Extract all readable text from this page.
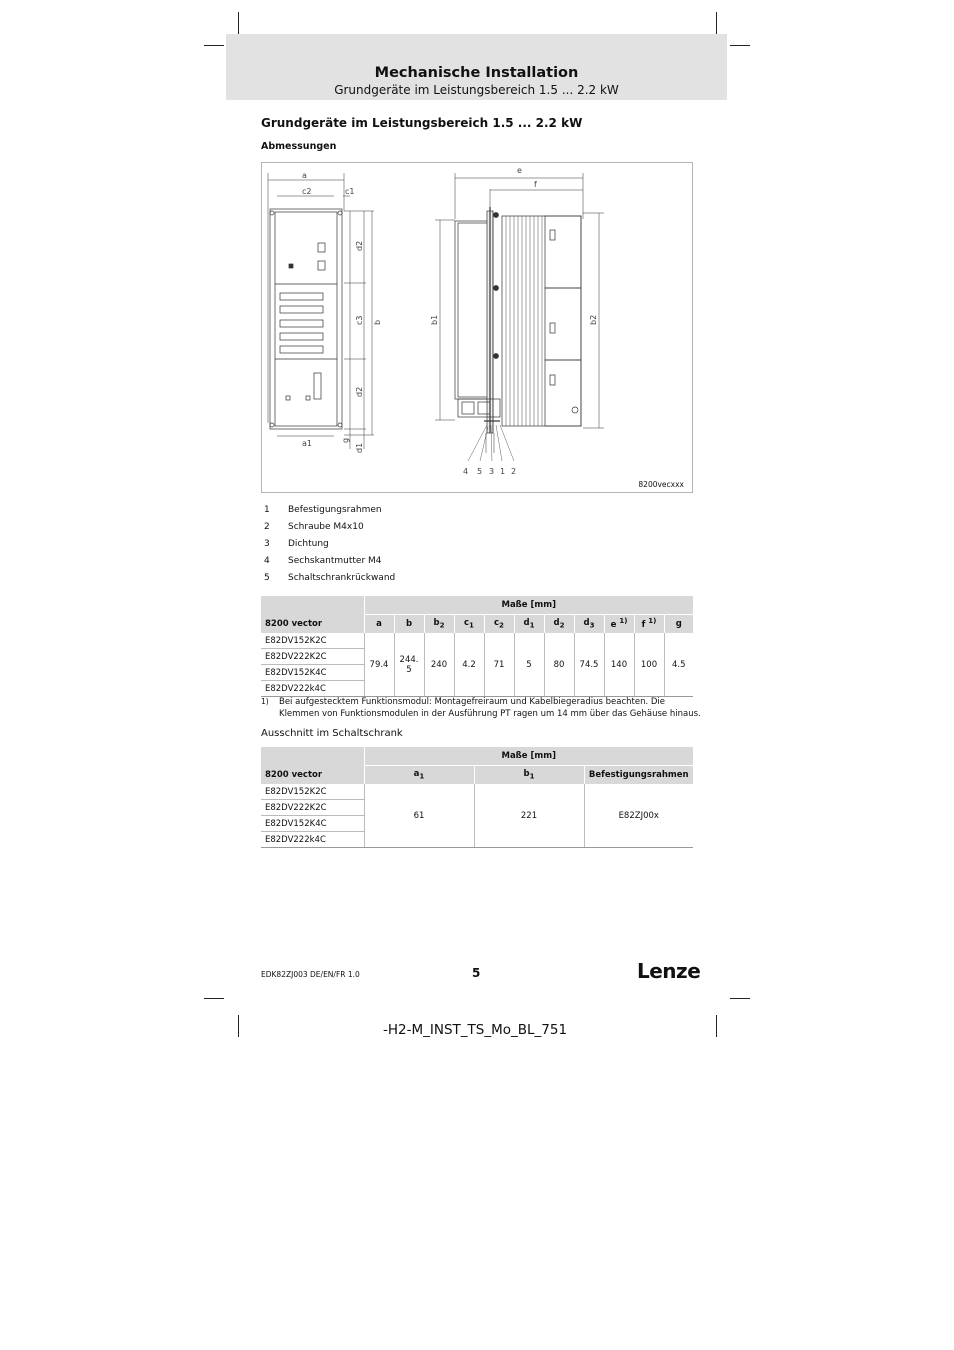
Mechanische Installation
Grundgeräte im Leistungsbereich 1.5 ... 2.2 kW
Grundgeräte im Leistungsbereich 1.5 ... 2.2 kW
Abmessungen
a
c2	c1
d2
c3 b
d2
a1	g
d1
e
f
b1	b2
4 5 3 1 2
8200vecxxx
1 Befestigungsrahmen
2 Schraube M4x10
3 Dichtung
4 Sechskantmutter M4
5 Schaltschrankrückwand
	Maße [mm]										
8200 vector	a	b	$b_2$	$c_1$	$c_2$	$d_1$	$d_2$	$d_3$	e $^{1)}$	f $^{1)}$	g
E82DV152K2C	79.4	244.
5	240	4.2	71	5	80	74.5	140	100	4.5
E82DV222K2C											
E82DV152K4C											
E82DV222k4C											
1) Bei aufgestecktem Funktionsmodul: Montagefreiraum und Kabelbiegeradius beachten. Die Klemmen von Funktionsmodulen in der Ausführung PT ragen um 14 mm über das Gehäuse hinaus.
Ausschnitt im Schaltschrank
	Maße [mm]		
8200 vector	$a_1$	$b_1$	Befestigungsrahmen
E82DV152K2C	61	221	E82ZJ00x
E82DV222K2C			
E82DV152K4C			
E82DV222k4C			
EDK82ZJ003 DE/EN/FR 1.0	5	Lenze
-H2-M_INST_TS_Mo_BL_751
